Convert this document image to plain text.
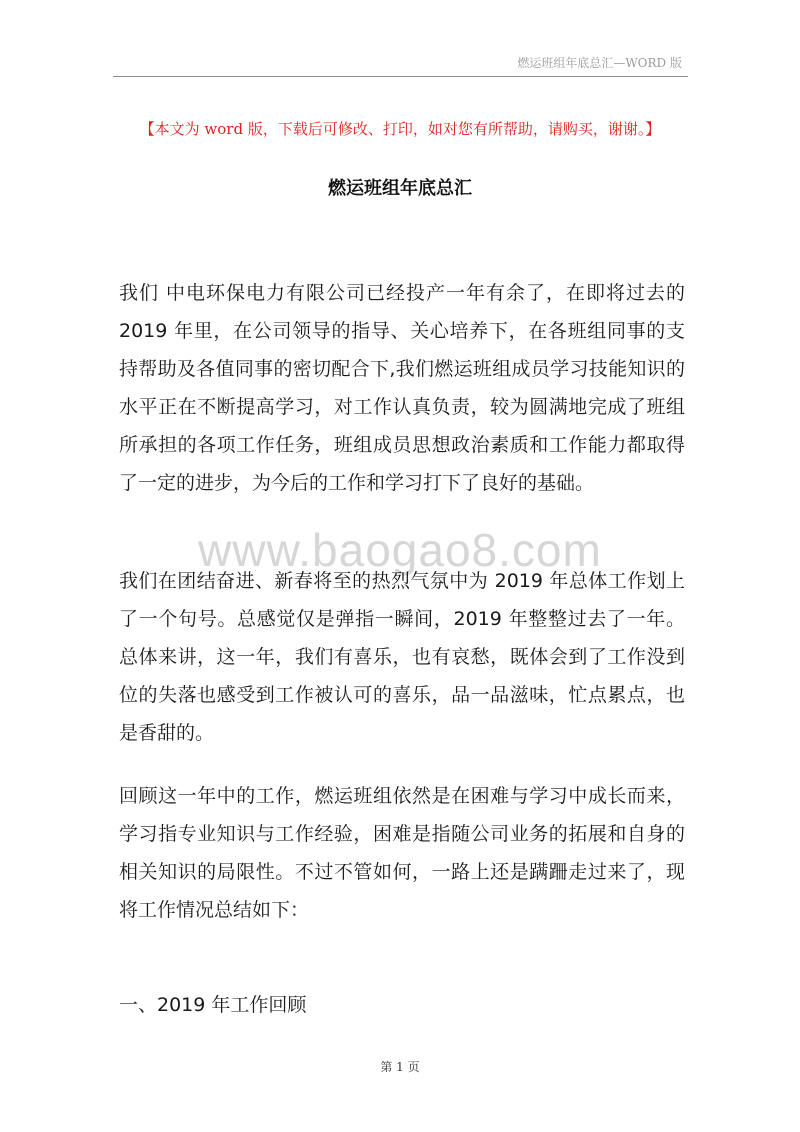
燃运班组年底总汇—WORD 版
【本文为 word 版，下载后可修改、打印，如对您有所帮助，请购买，谢谢。】
燃运班组年底总汇
我们 中电环保电力有限公司已经投产一年有余了，在即将过去的 2019 年里，在公司领导的指导、关心培养下，在各班组同事的支持帮助及各值同事的密切配合下,我们燃运班组成员学习技能知识的水平正在不断提高学习，对工作认真负责，较为圆满地完成了班组所承担的各项工作任务，班组成员思想政治素质和工作能力都取得了一定的进步，为今后的工作和学习打下了良好的基础。
www.baogao8.com
我们在团结奋进、新春将至的热烈气氛中为 2019 年总体工作划上了一个句号。总感觉仅是弹指一瞬间，2019 年整整过去了一年。总体来讲，这一年，我们有喜乐，也有哀愁，既体会到了工作没到位的失落也感受到工作被认可的喜乐，品一品滋味，忙点累点，也是香甜的。
回顾这一年中的工作，燃运班组依然是在困难与学习中成长而来，学习指专业知识与工作经验，困难是指随公司业务的拓展和自身的相关知识的局限性。不过不管如何，一路上还是蹒跚走过来了，现将工作情况总结如下：
一、2019 年工作回顾
第 1 页
